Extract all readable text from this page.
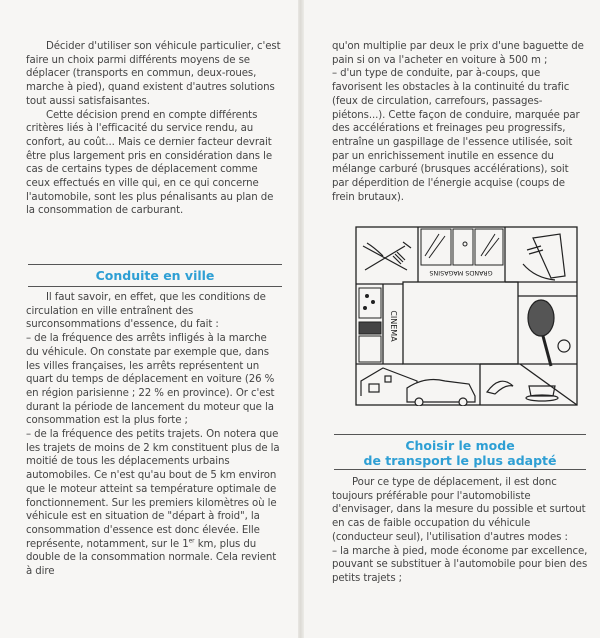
Décider d'utiliser son véhicule particulier, c'est faire un choix parmi différents moyens de se déplacer (transports en commun, deux-roues, marche à pied), quand existent d'autres solutions tout aussi satisfaisantes.

Cette décision prend en compte différents critères liés à l'efficacité du service rendu, au confort, au coût... Mais ce dernier facteur devrait être plus largement pris en considération dans le cas de certains types de déplacement comme ceux effectués en ville qui, en ce qui concerne l'automobile, sont les plus pénalisants au plan de la consommation de carburant.

Conduite en ville

Il faut savoir, en effet, que les conditions de circulation en ville entraînent des surconsommations d'essence, du fait :

– de la fréquence des arrêts infligés à la marche du véhicule. On constate par exemple que, dans les villes françaises, les arrêts représentent un quart du temps de déplacement en voiture (26 % en région parisienne ; 22 % en province). Or c'est durant la période de lancement du moteur que la consommation est la plus forte ;

– de la fréquence des petits trajets. On notera que les trajets de moins de 2 km constituent plus de la moitié de tous les déplacements urbains automobiles. Ce n'est qu'au bout de 5 km environ que le moteur atteint sa température optimale de fonctionnement. Sur les premiers kilomètres où le véhicule est en situation de "départ à froid", la consommation d'essence est donc élevée. Elle représente, notamment, sur le 1er km, plus du double de la consommation normale. Cela revient à dire

qu'on multiplie par deux le prix d'une baguette de pain si on va l'acheter en voiture à 500 m ;

– d'un type de conduite, par à-coups, que favorisent les obstacles à la continuité du trafic (feux de circulation, carrefours, passages-piétons...). Cette façon de conduire, marquée par des accélérations et freinages peu progressifs, entraîne un gaspillage de l'essence utilisée, soit par un enrichissement inutile en essence du mélange carburé (brusques accélérations), soit par déperdition de l'énergie acquise (coups de frein brutaux).

GRANDS MAGASINS
CINEMA
Choisir le mode
de transport le plus adapté

Pour ce type de déplacement, il est donc toujours préférable pour l'automobiliste d'envisager, dans la mesure du possible et surtout en cas de faible occupation du véhicule (conducteur seul), l'utilisation d'autres modes :

– la marche à pied, mode économe par excellence, pouvant se substituer à l'automobile pour bien des petits trajets ;
